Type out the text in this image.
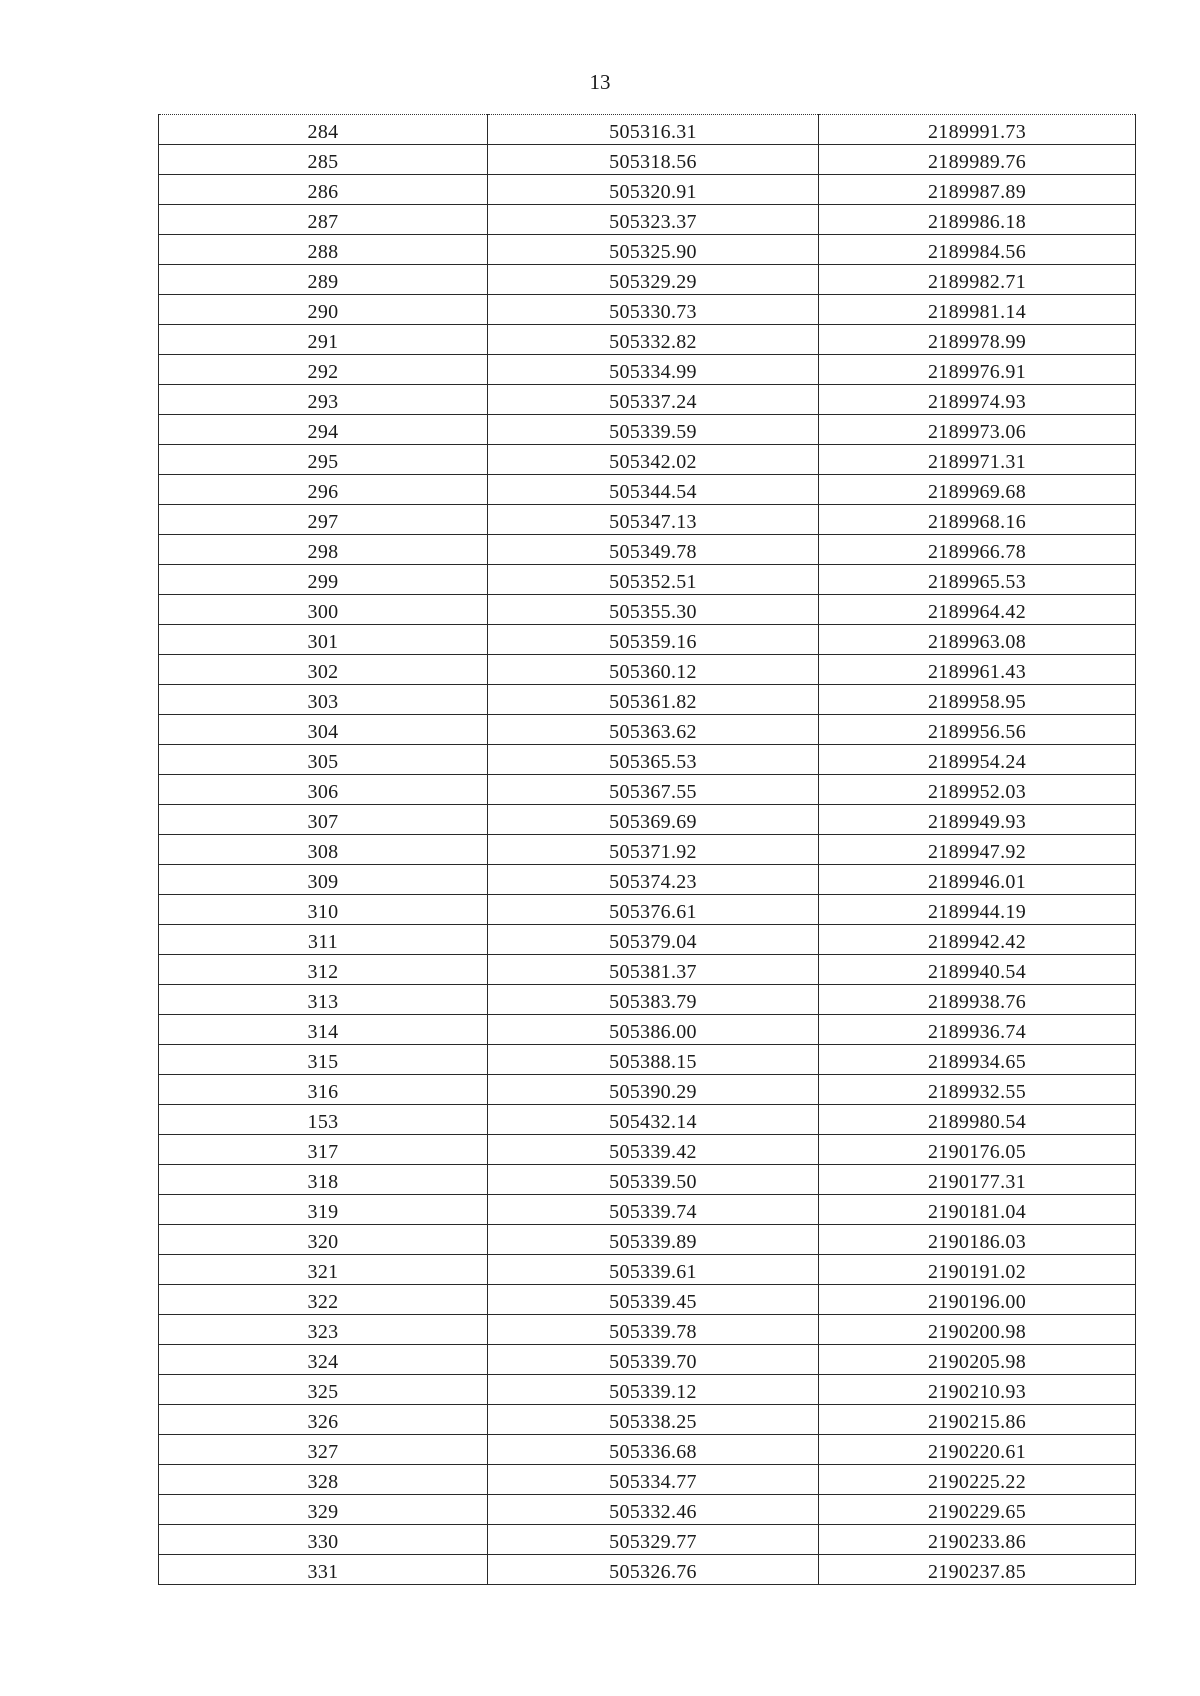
13
284	505316.31	2189991.73
285	505318.56	2189989.76
286	505320.91	2189987.89
287	505323.37	2189986.18
288	505325.90	2189984.56
289	505329.29	2189982.71
290	505330.73	2189981.14
291	505332.82	2189978.99
292	505334.99	2189976.91
293	505337.24	2189974.93
294	505339.59	2189973.06
295	505342.02	2189971.31
296	505344.54	2189969.68
297	505347.13	2189968.16
298	505349.78	2189966.78
299	505352.51	2189965.53
300	505355.30	2189964.42
301	505359.16	2189963.08
302	505360.12	2189961.43
303	505361.82	2189958.95
304	505363.62	2189956.56
305	505365.53	2189954.24
306	505367.55	2189952.03
307	505369.69	2189949.93
308	505371.92	2189947.92
309	505374.23	2189946.01
310	505376.61	2189944.19
311	505379.04	2189942.42
312	505381.37	2189940.54
313	505383.79	2189938.76
314	505386.00	2189936.74
315	505388.15	2189934.65
316	505390.29	2189932.55
153	505432.14	2189980.54
317	505339.42	2190176.05
318	505339.50	2190177.31
319	505339.74	2190181.04
320	505339.89	2190186.03
321	505339.61	2190191.02
322	505339.45	2190196.00
323	505339.78	2190200.98
324	505339.70	2190205.98
325	505339.12	2190210.93
326	505338.25	2190215.86
327	505336.68	2190220.61
328	505334.77	2190225.22
329	505332.46	2190229.65
330	505329.77	2190233.86
331	505326.76	2190237.85
